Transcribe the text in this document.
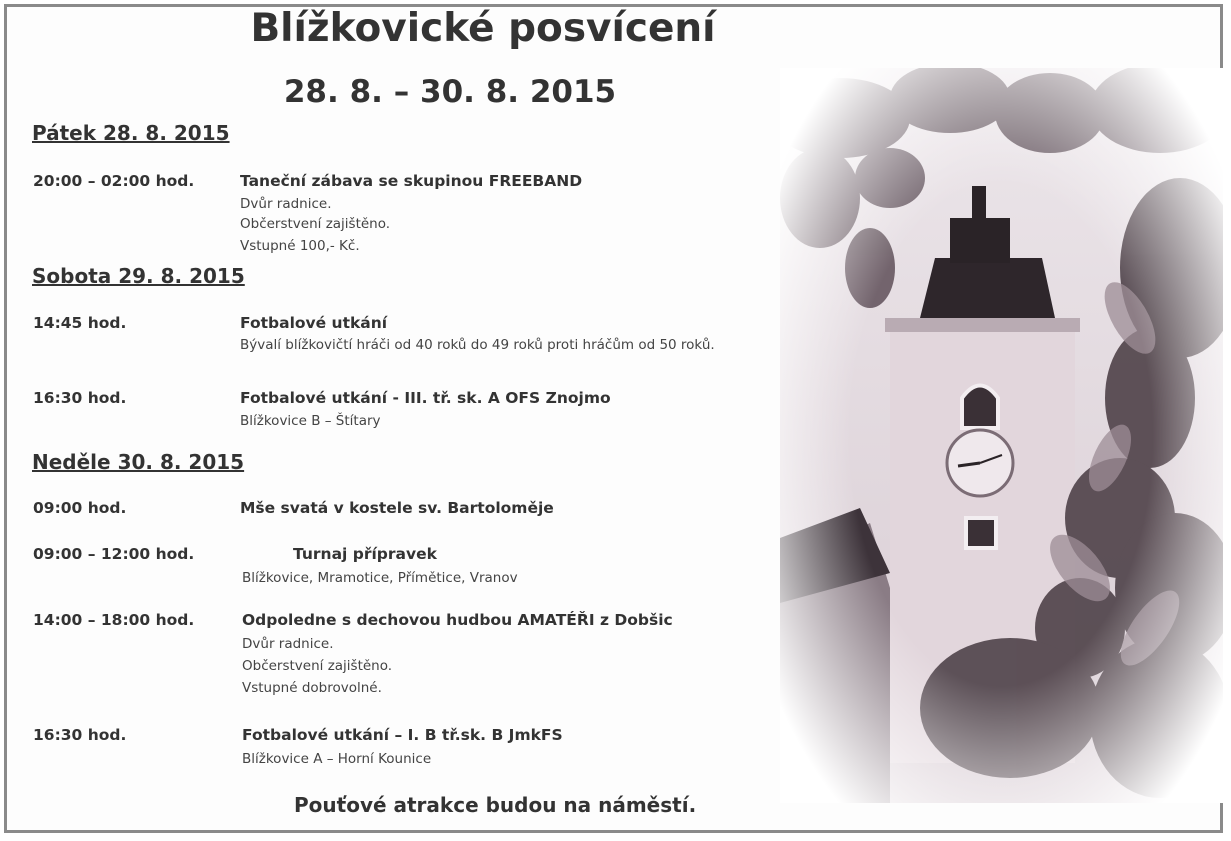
Blížkovické posvícení
28. 8. – 30. 8. 2015
Pátek 28. 8. 2015
20:00 – 02:00 hod.	Taneční zábava se skupinou FREEBAND
Dvůr radnice.
Občerstvení zajištěno.
Vstupné 100,- Kč.
Sobota 29. 8. 2015
14:45 hod.	Fotbalové utkání
Bývalí blížkovičtí hráči od 40 roků do 49 roků proti hráčům od 50 roků.
16:30 hod.	Fotbalové utkání - III. tř. sk. A OFS Znojmo
Blížkovice B – Štítary
Neděle 30. 8. 2015
09:00 hod.	Mše svatá v kostele sv. Bartoloměje
09:00 – 12:00 hod.	Turnaj přípravek
Blížkovice, Mramotice, Přímětice, Vranov
14:00 – 18:00 hod.	Odpoledne s dechovou hudbou AMATÉŘI z Dobšic
Dvůr radnice.
Občerstvení zajištěno.
Vstupné dobrovolné.
16:30 hod.	Fotbalové utkání – I. B tř.sk. B JmkFS
Blížkovice A – Horní Kounice
Pouťové atrakce budou na náměstí.
